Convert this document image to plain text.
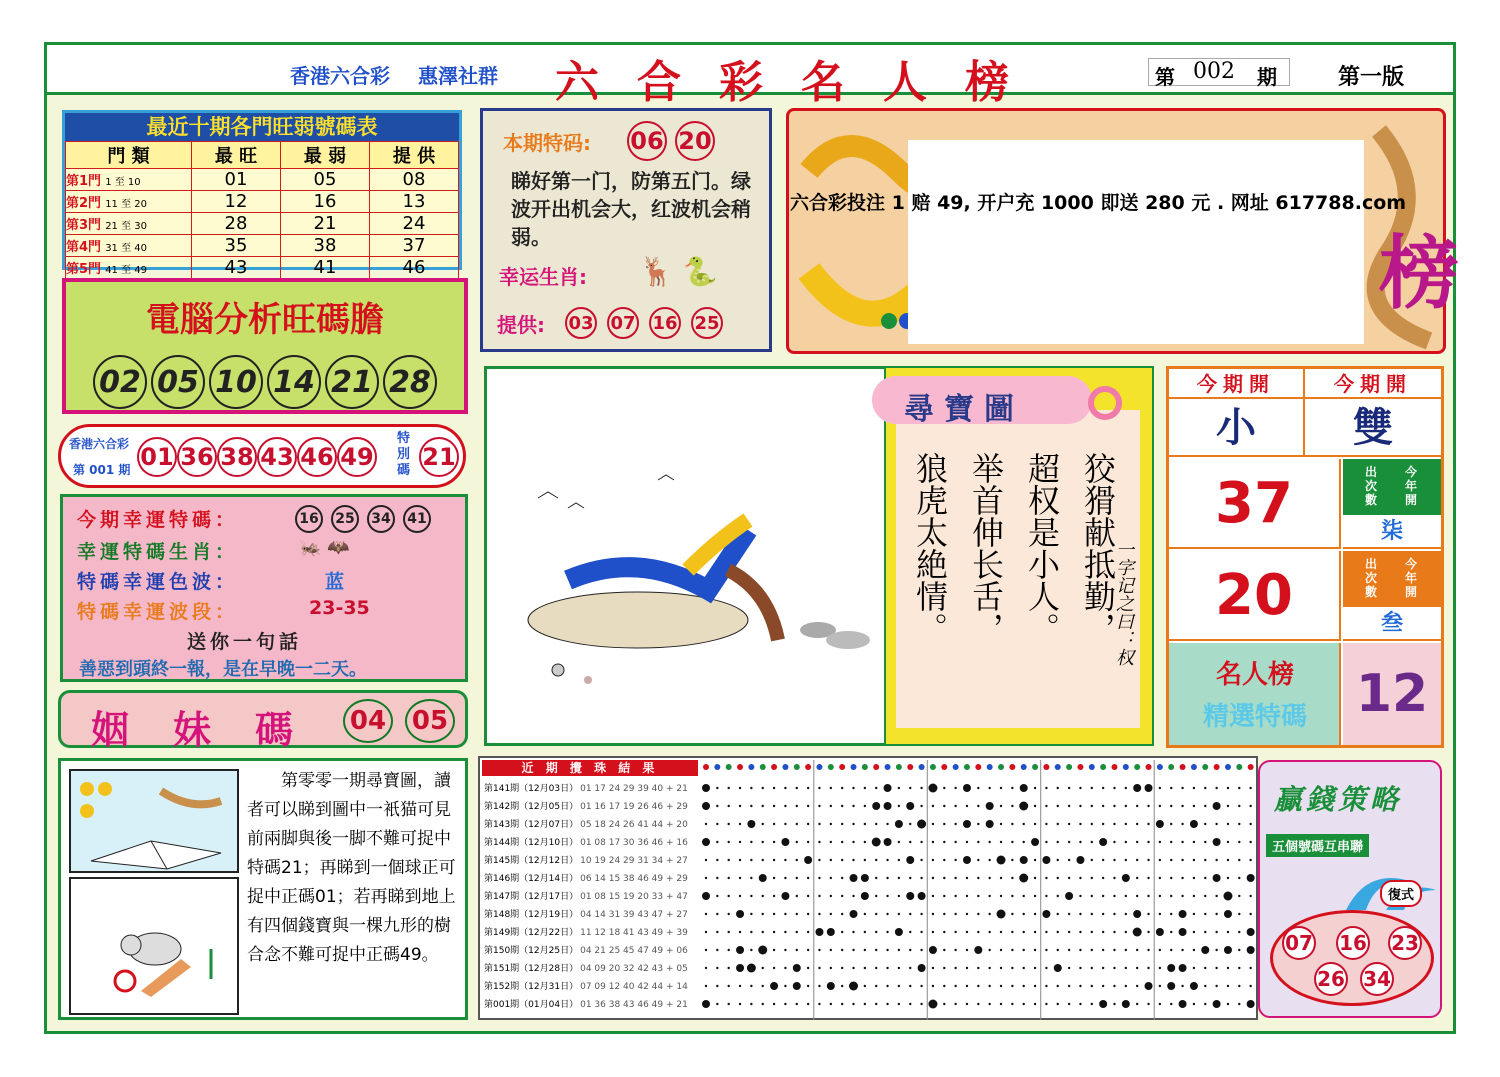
香港六合彩 惠澤社群 六合彩名人榜	第 002 期	第一版
最近十期各門旺弱號碼表
門 類	最 旺	最 弱	提 供
第1門 1 至 10	01	05	08
第2門 11 至 20	12	16	13
第3門 21 至 30	28	21	24
第4門 31 至 40	35	38	37
第5門 41 至 49	43	41	46
電腦分析旺碼膽
02 05 10 14 21 28
香港六合彩
第 001 期 01 36 38 43 46 49
特別碼 21
今期幸運特碼：	16	25	34	41
幸運特碼生肖：	🦗 🦇
特碼幸運色波：	蓝
特碼幸運波段：	23-35
送你一句話
善惡到頭終一報，是在早晚一二天。
姻妹碼 04 05
第零零一期尋寶圖，讀者可以睇到圖中一衹猫可見前兩脚與後一脚不難可捉中特碼21；再睇到一個球正可捉中正碼01；若再睇到地上有四個錢寶與一棵九形的樹合念不難可捉中正碼49。
本期特码: 06 20
睇好第一门，防第五门。绿波开出机会大，红波机会稍弱。
幸运生肖: 🦌 🐍
提供: 03 07 16 25
榜
六合彩投注 1 赔 49, 开户充 1000 即送 280 元 . 网址 617788.com
尋寶圖
狼虎太絶情。 举首伸长舌， 超权是小人。 狡猾献抵勤，
一字记之曰：权
今期開	今期開
小	雙
37
20
出次數
今年開
柒
出次數
今年開
叁
名人榜
精選特碼 12
近 期 攪 珠 結 果
第141期（12月03日） 01 17 24 29 39 40 + 21
第142期（12月05日） 01 16 17 19 26 46 + 29
第143期（12月07日） 05 18 24 26 41 44 + 20
第144期（12月10日） 01 08 17 30 36 46 + 16
第145期（12月12日） 10 19 24 29 31 34 + 27
第146期（12月14日） 06 14 15 38 46 49 + 29
第147期（12月17日） 01 08 15 19 20 33 + 47
第148期（12月19日） 04 14 31 39 43 47 + 27
第149期（12月22日） 11 12 18 41 43 49 + 39
第150期（12月25日） 04 21 25 45 47 49 + 06
第151期（12月28日） 04 09 20 32 42 43 + 05
第152期（12月31日） 07 09 12 40 42 44 + 14
第001期（01月04日） 01 36 38 43 46 49 + 21
贏錢策略
五個號碼互串聯
復式
07 16 23
26 34
